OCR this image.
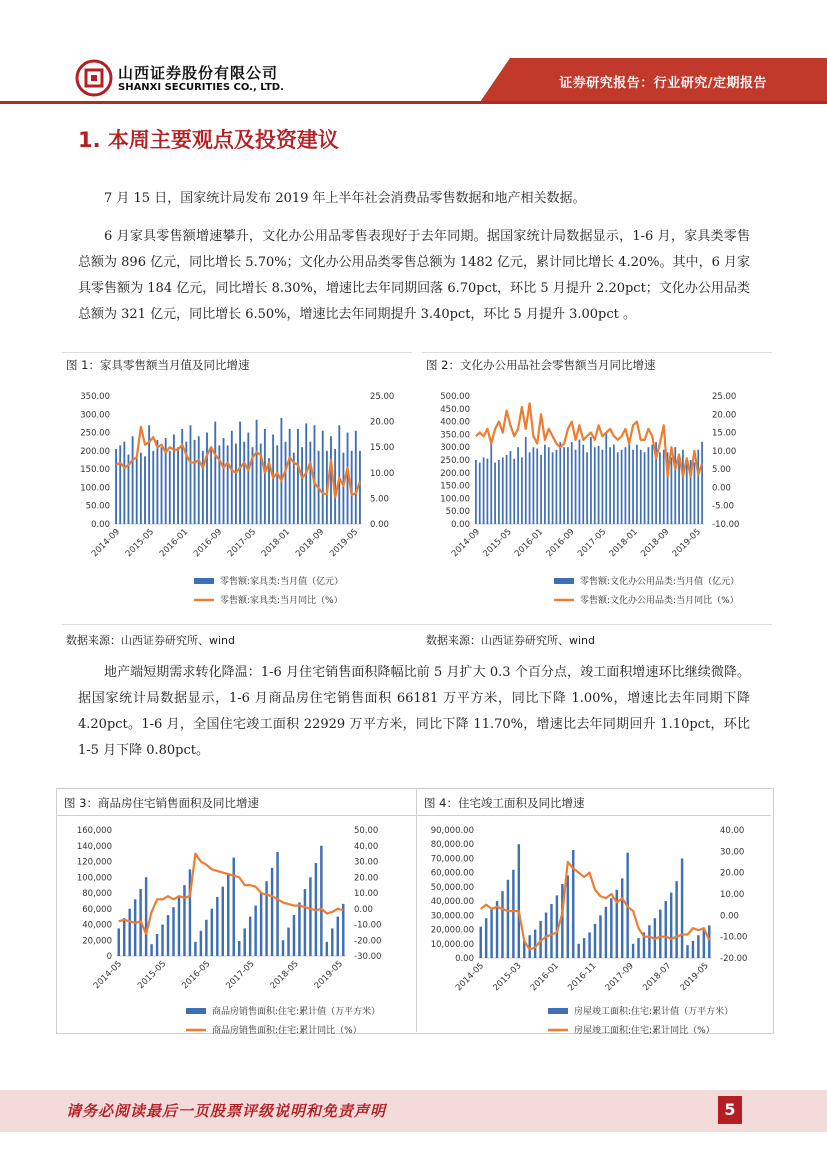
山西证券股份有限公司
SHANXI SECURITIES CO., LTD.	证券研究报告：行业研究/定期报告
1. 本周主要观点及投资建议
7 月 15 日，国家统计局发布 2019 年上半年社会消费品零售数据和地产相关数据。
6 月家具零售额增速攀升，文化办公用品零售表现好于去年同期。据国家统计局数据显示，1-6 月，家具类零售总额为 896 亿元，同比增长 5.70%；文化办公用品类零售总额为 1482 亿元，累计同比增长 4.20%。其中，6 月家具零售额为 184 亿元，同比增长 8.30%，增速比去年同期回落 6.70pct，环比 5 月提升 2.20pct；文化办公用品类总额为 321 亿元，同比增长 6.50%，增速比去年同期提升 3.40pct，环比 5 月提升 3.00pct 。
图 1：家具零售额当月值及同比增速	图 2：文化办公用品社会零售额当月同比增速
350.00
300.00
250.00
200.00
150.00
100.00
50.00
0.00
25.00
20.00
15.00
10.00
5.00
0.00
2014-09 2015-05 2016-01 2016-09 2017-05 2018-01 2018-09 2019-05
零售额:家具类:当月值（亿元）
零售额:家具类:当月同比（%）
500.00
450.00
400.00
350.00
300.00
250.00
200.00
150.00
100.00
50.00
0.00
25.00
20.00
15.00
10.00
5.00
0.00
-5.00
-10.00
2014-09 2015-05 2016-01 2016-09 2017-05 2018-01 2018-09 2019-05
零售额:文化办公用品类:当月值（亿元）
零售额:文化办公用品类:当月同比（%）
数据来源：山西证券研究所、wind	数据来源：山西证券研究所、wind
地产端短期需求转化降温：1-6 月住宅销售面积降幅比前 5 月扩大 0.3 个百分点，竣工面积增速环比继续微降。据国家统计局数据显示，1-6 月商品房住宅销售面积 66181 万平方米，同比下降 1.00%，增速比去年同期下降 4.20pct。1-6 月，全国住宅竣工面积 22929 万平方米，同比下降 11.70%，增速比去年同期回升 1.10pct，环比 1-5 月下降 0.80pct。
图 3：商品房住宅销售面积及同比增速	图 4：住宅竣工面积及同比增速
160,000
140,000
120,000
100,000
80,000
60,000
40,000
20,000
0
50.00
40.00
30.00
20.00
10.00
0.00
-10.00
-20.00
-30.00
2014-05 2015-05 2016-05 2017-05 2018-05 2019-05
商品房销售面积:住宅:累计值（万平方米）
商品房销售面积:住宅:累计同比（%）
90,000.00
80,000.00
70,000.00
60,000.00
50,000.00
40,000.00
30,000.00
20,000.00
10,000.00
0.00
40.00
30.00
20.00
10.00
0.00
-10.00
-20.00
2014-05 2015-03 2016-01 2016-11 2017-09 2018-07 2019-05
房屋竣工面积:住宅:累计值（万平方米）
房屋竣工面积:住宅:累计同比（%）
请务必阅读最后一页股票评级说明和免责声明	5
